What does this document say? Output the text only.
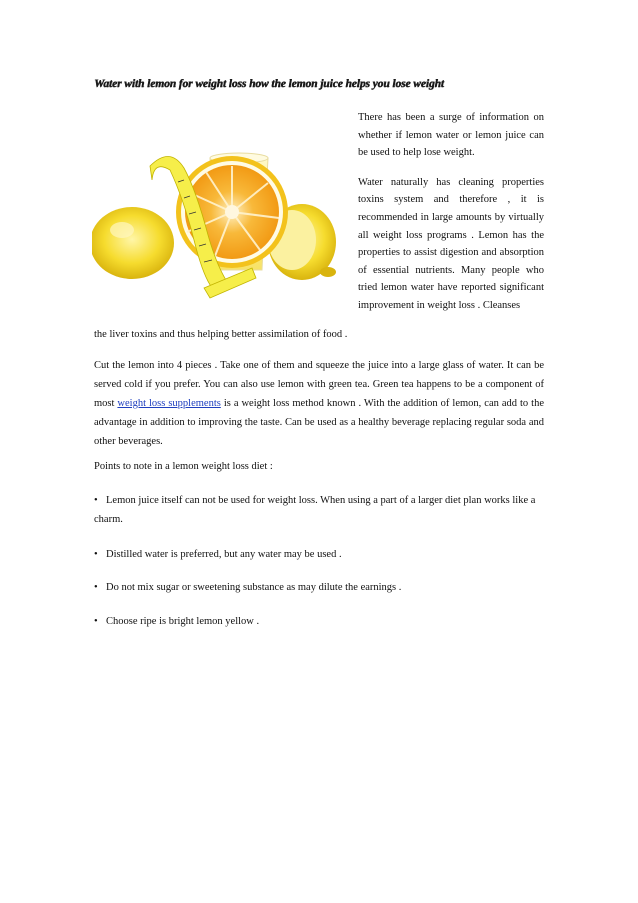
Water with lemon for weight loss how the lemon juice helps you lose weight

There has been a surge of information on whether if lemon water or lemon juice can be used to help lose weight.

Water naturally has cleaning properties toxins system and therefore , it is recommended in large amounts by virtually all weight loss programs . Lemon has the properties to assist digestion and absorption of essential nutrients. Many people who tried lemon water have reported significant improvement in weight loss . Cleanses

the liver toxins and thus helping better assimilation of food .

Cut the lemon into 4 pieces . Take one of them and squeeze the juice into a large glass of water. It can be served cold if you prefer. You can also use lemon with green tea. Green tea happens to be a component of most weight loss supplements is a weight loss method known . With the addition of lemon, can add to the advantage in addition to improving the taste. Can be used as a healthy beverage replacing regular soda and other beverages.

Points to note in a lemon weight loss diet :

• Lemon juice itself can not be used for weight loss. When using a part of a larger diet plan works like a charm.

• Distilled water is preferred, but any water may be used .

• Do not mix sugar or sweetening substance as may dilute the earnings .

• Choose ripe is bright lemon yellow .
